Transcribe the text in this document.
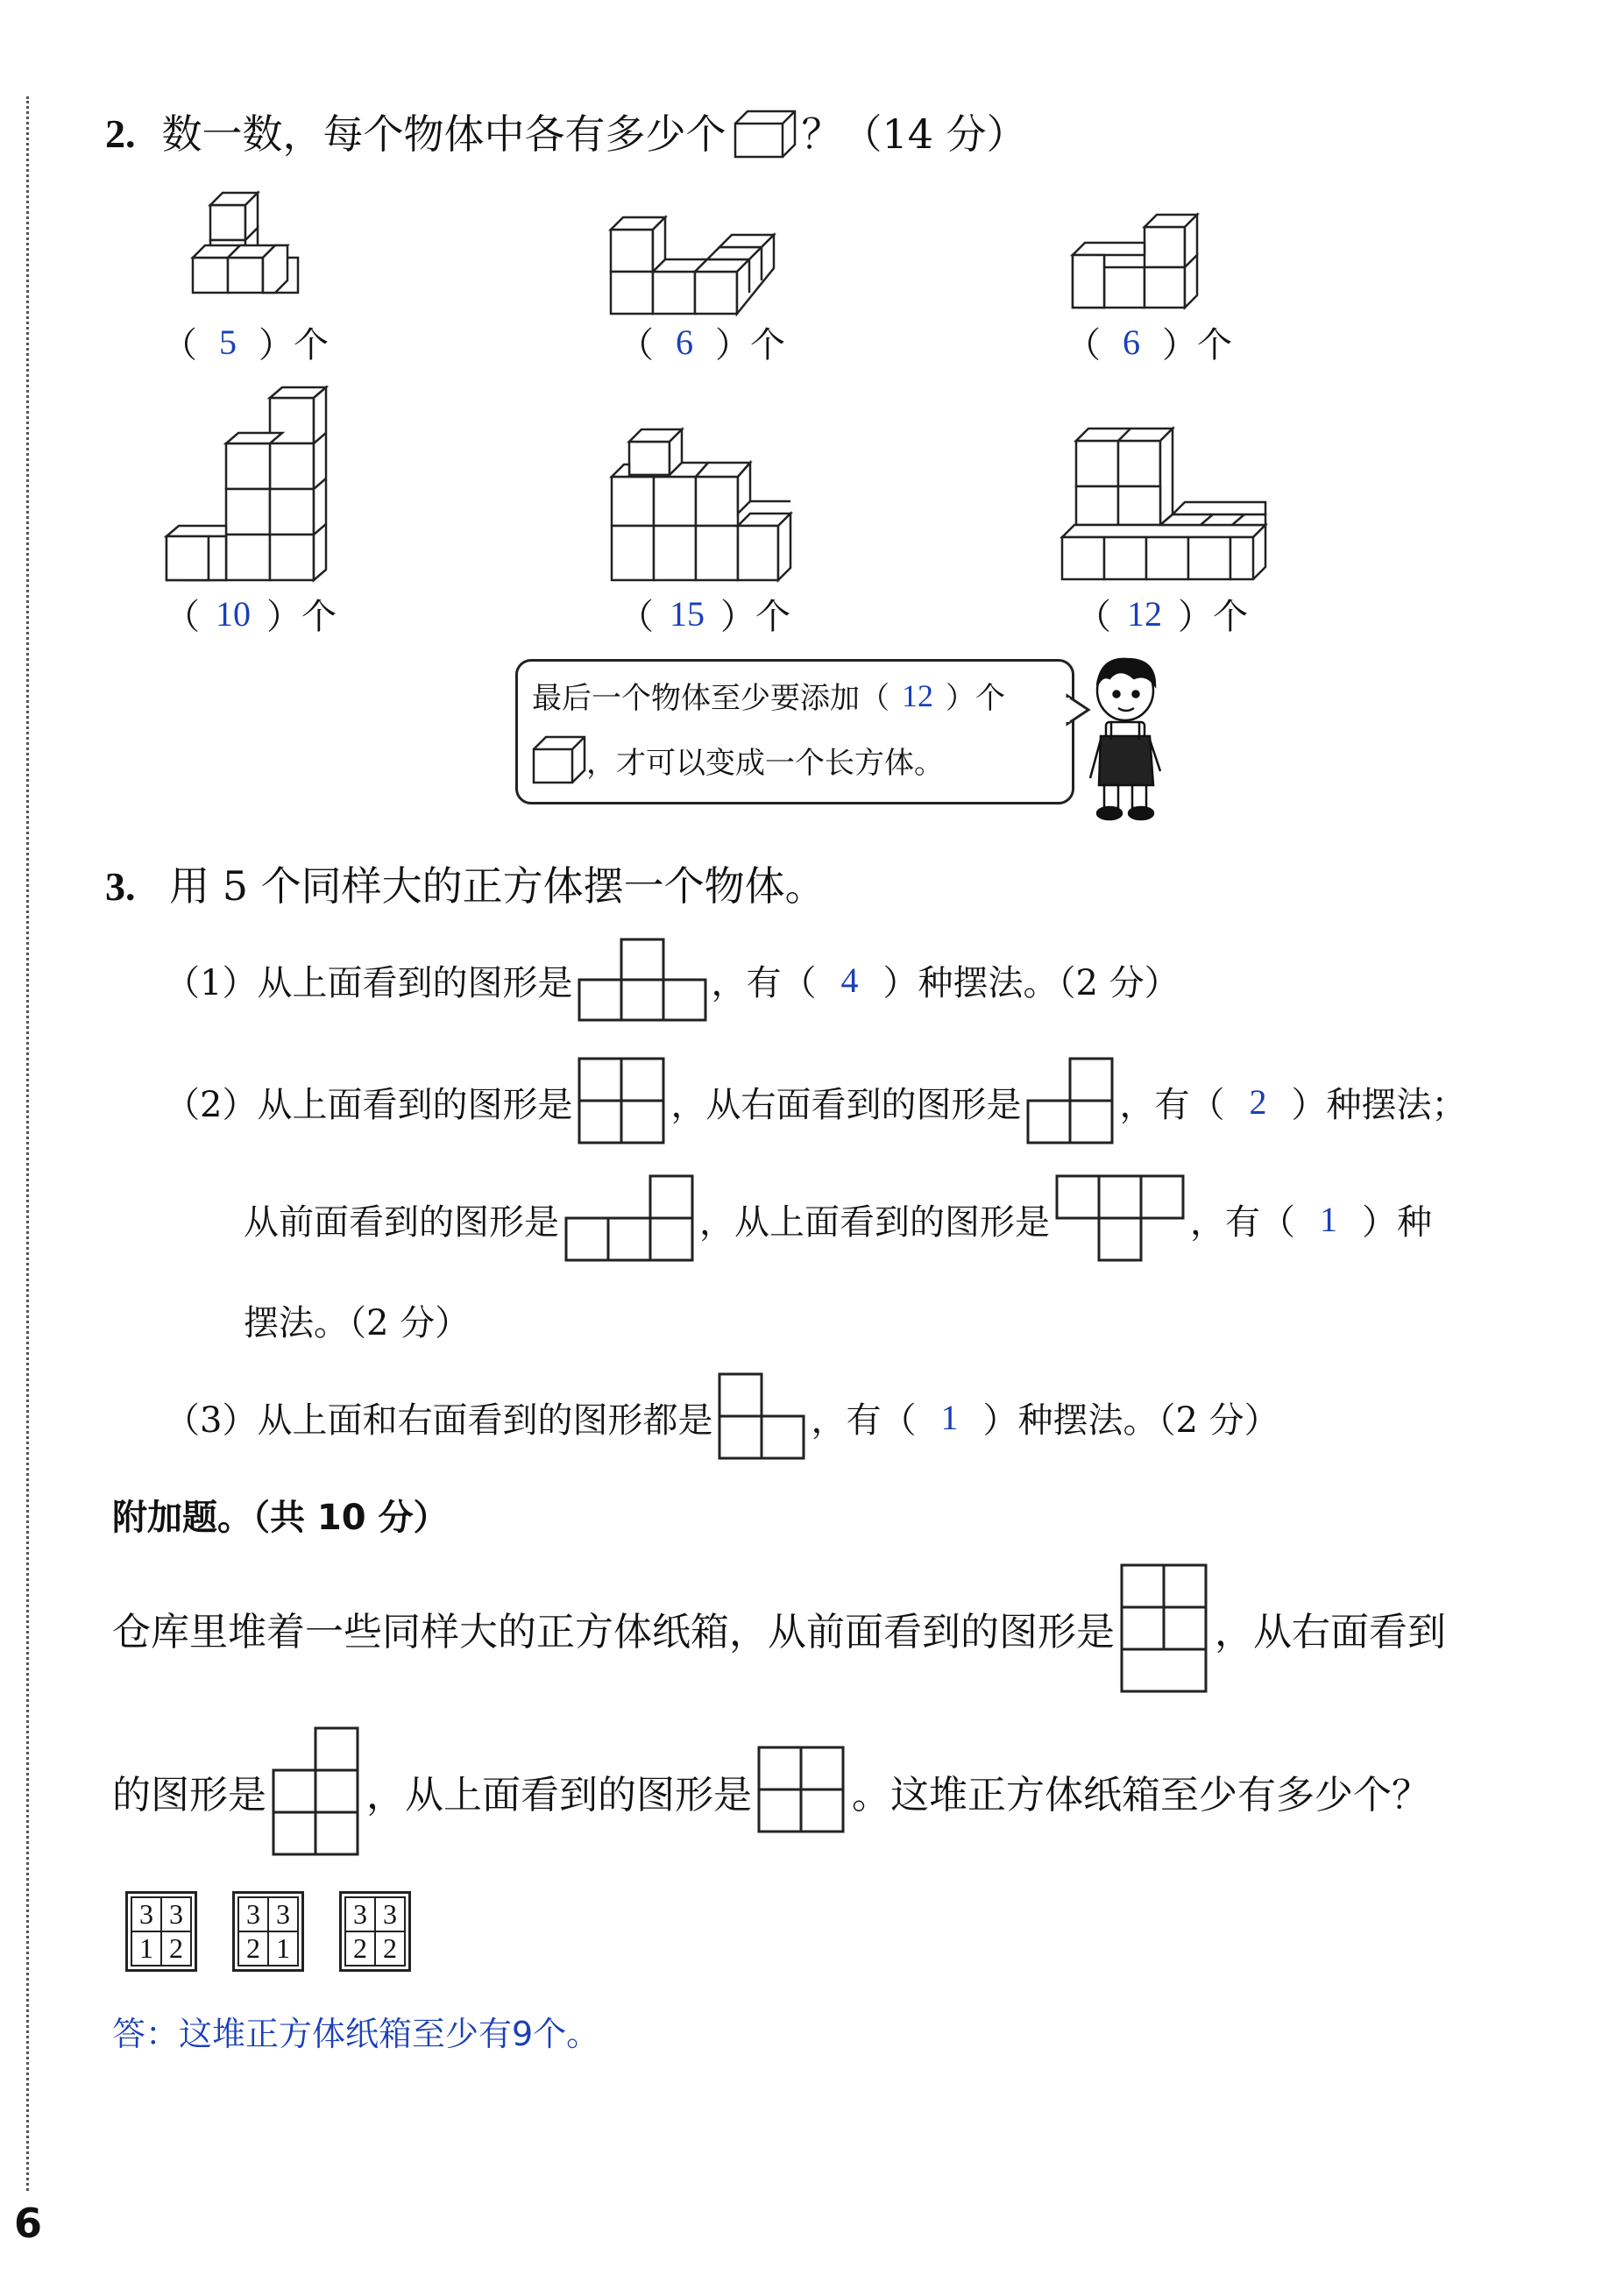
2. 数一数，每个物体中各有多少个 ？（14 分）
（ 5 ）个	（ 6 ）个	（ 6 ）个
（ 10 ）个	（ 15 ）个	（ 12 ）个
最后一个物体至少要添加（ 12 ）个
，才可以变成一个长方体。
3. 用 5 个同样大的正方体摆一个物体。
（1）从上面看到的图形是	，有（ 4 ）种摆法。（2 分）
（2）从上面看到的图形是	，从右面看到的图形是	，有（ 2 ）种摆法；
从前面看到的图形是	，从上面看到的图形是	，有（ 1 ）种
摆法。（2 分）
（3）从上面和右面看到的图形都是	，有（ 1 ）种摆法。（2 分）
附加题。（共 10 分）
仓库里堆着一些同样大的正方体纸箱，从前面看到的图形是	，从右面看到
的图形是	，从上面看到的图形是	。这堆正方体纸箱至少有多少个？
3	3
1	2
3	3
2	1
3	3
2	2
答：这堆正方体纸箱至少有9个。
6
